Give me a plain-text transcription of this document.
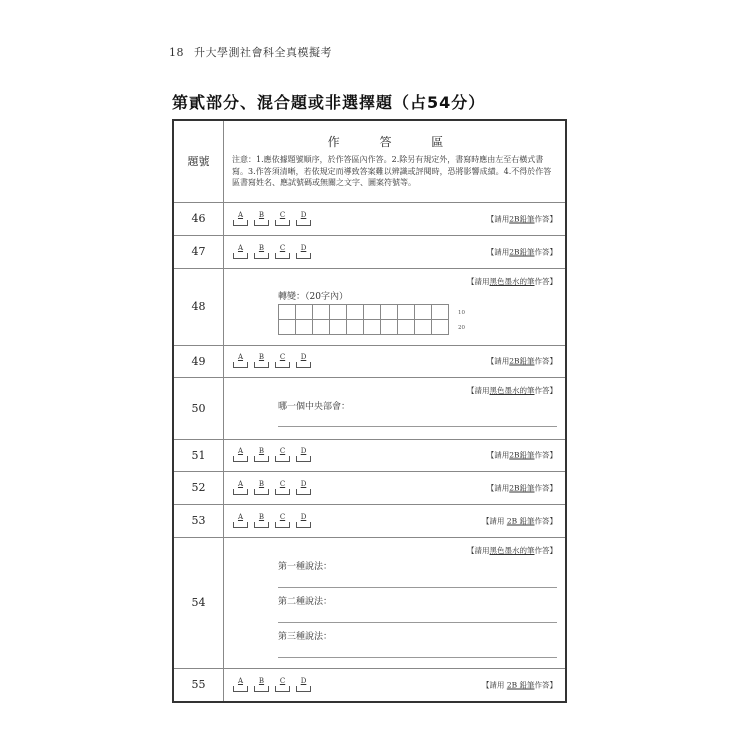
18 升大學測社會科全真模擬考
第貳部分、混合題或非選擇題（占54分）
題號	
作 答 區
注意：1.應依據題號順序，於作答區內作答。2.除另有規定外，書寫時應由左至右橫式書寫。3.作答須清晰，若依規定而導致答案難以辨識或評閱時，恐將影響成績。4.不得於作答區書寫姓名、應試號碼或無關之文字、圖案符號等。

46	A B C D	【請用2B鉛筆作答】

47	A B C D	【請用2B鉛筆作答】

48	
【請用黑色墨水的筆作答】
轉變：（20字內）

10
20

49	A B C D	【請用2B鉛筆作答】

50	
【請用黑色墨水的筆作答】
哪一個中央部會：

51	A B C D	【請用2B鉛筆作答】

52	A B C D	【請用2B鉛筆作答】

53	A B C D	【請用 2B 鉛筆作答】

54	
【請用黑色墨水的筆作答】
第一種說法：
第二種說法：
第三種說法：

55	A B C D	【請用 2B 鉛筆作答】
